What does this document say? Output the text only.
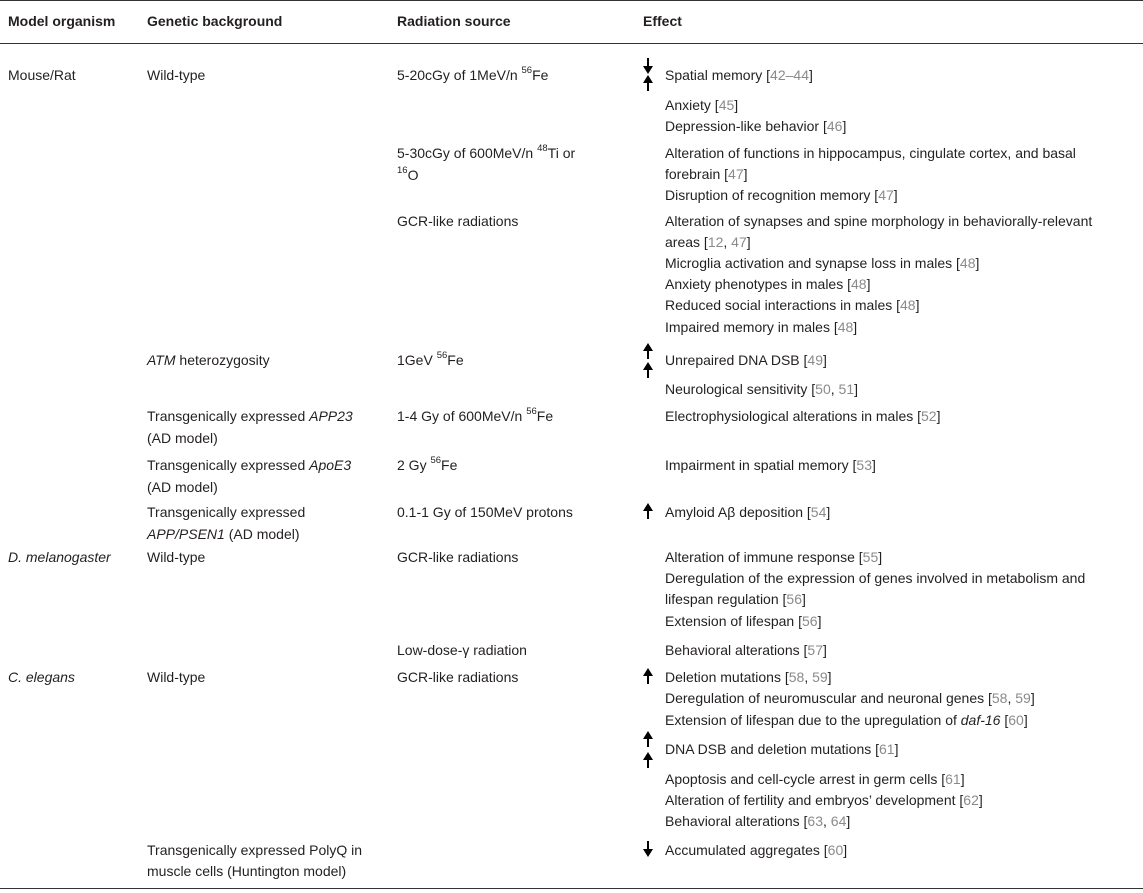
Model organism Genetic background	Radiation source	Effect
Mouse/Rat
D. melanogaster
C. elegans
Wild-type
ATM heterozygosity
Transgenically expressed APP23
(AD model)
Transgenically expressed ApoE3
(AD model)
Transgenically expressed
APP/PSEN1 (AD model)
Wild-type
Wild-type
Transgenically expressed PolyQ in
muscle cells (Huntington model)
5-20cGy of 1MeV/n $^{56}$Fe
5-30cGy of 600MeV/n $^{48}$Ti or
$^{16}$O
GCR-like radiations
1GeV $^{56}$Fe
1-4 Gy of 600MeV/n $^{56}$Fe
2 Gy $^{56}$Fe
0.1-1 Gy of 150MeV protons
GCR-like radiations
Low-dose-γ radiation
GCR-like radiations
Spatial memory [42–44]
Anxiety [45]
Depression-like behavior [46]
Alteration of functions in hippocampus, cingulate cortex, and basal
forebrain [47]
Disruption of recognition memory [47]
Alteration of synapses and spine morphology in behaviorally-relevant
areas [12, 47]
Microglia activation and synapse loss in males [48]
Anxiety phenotypes in males [48]
Reduced social interactions in males [48]
Impaired memory in males [48]
Unrepaired DNA DSB [49]
Neurological sensitivity [50, 51]
Electrophysiological alterations in males [52]
Impairment in spatial memory [53]
Amyloid Aβ deposition [54]
Alteration of immune response [55]
Deregulation of the expression of genes involved in metabolism and
lifespan regulation [56]
Extension of lifespan [56]
Behavioral alterations [57]
Deletion mutations [58, 59]
Deregulation of neuromuscular and neuronal genes [58, 59]
Extension of lifespan due to the upregulation of daf-16 [60]
DNA DSB and deletion mutations [61]
Apoptosis and cell-cycle arrest in germ cells [61]
Alteration of fertility and embryos’ development [62]
Behavioral alterations [63, 64]
Accumulated aggregates [60]
